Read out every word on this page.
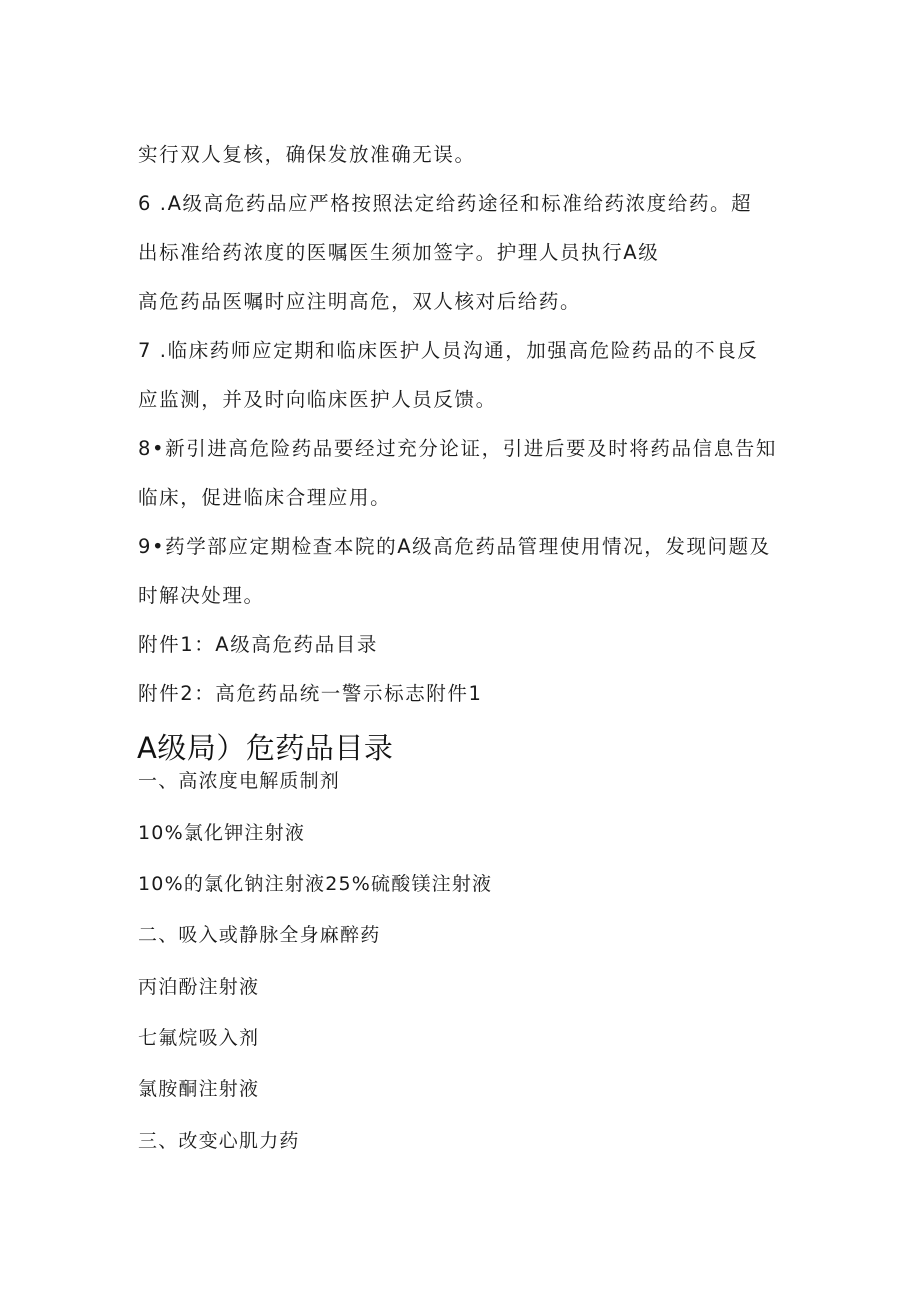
实行双人复核，确保发放准确无误。
6 .A级高危药品应严格按照法定给药途径和标准给药浓度给药。超
出标准给药浓度的医嘱医生须加签字。护理人员执行A级
高危药品医嘱时应注明高危，双人核对后给药。
7 .临床药师应定期和临床医护人员沟通，加强高危险药品的不良反
应监测，并及时向临床医护人员反馈。
8•新引进高危险药品要经过充分论证，引进后要及时将药品信息告知
临床，促进临床合理应用。
9•药学部应定期检查本院的A级高危药品管理使用情况，发现问题及
时解决处理。
附件1：A级高危药品目录
附件2：高危药品统一警示标志附件1
A级局）危药品目录
一、高浓度电解质制剂
10%氯化钾注射液
10%的氯化钠注射液25%硫酸镁注射液
二、吸入或静脉全身麻醉药
丙泊酚注射液
七氟烷吸入剂
氯胺酮注射液
三、改变心肌力药
